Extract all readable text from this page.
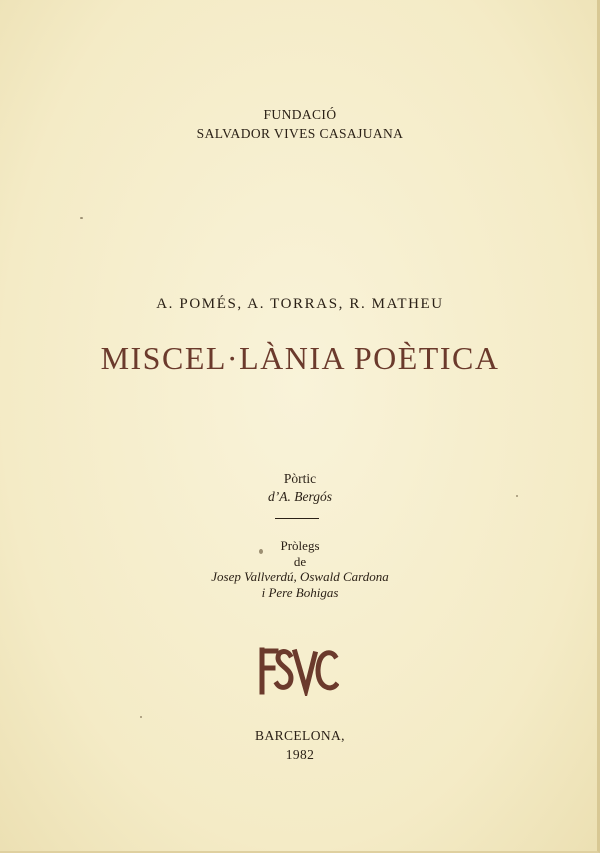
FUNDACIÓ
SALVADOR VIVES CASAJUANA
A. POMÉS, A. TORRAS, R. MATHEU
MISCEL·LÀNIA POÈTICA
Pòrtic
d’A. Bergós
Pròlegs
de
Josep Vallverdú, Oswald Cardona
i Pere Bohigas
BARCELONA,
1982
